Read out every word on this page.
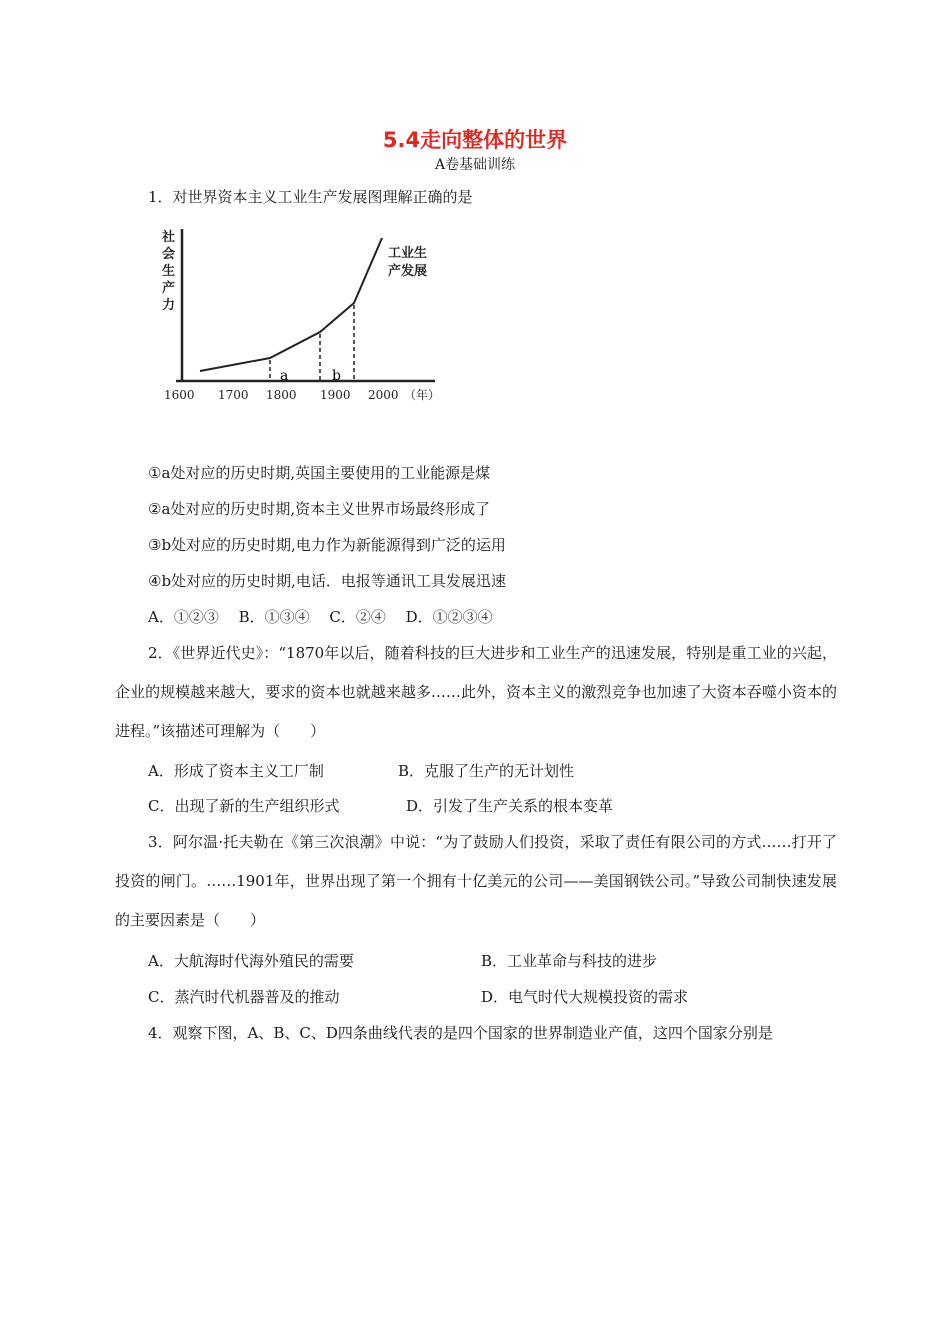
5.4走向整体的世界
A卷基础训练
1．对世界资本主义工业生产发展图理解正确的是
社
会
生
产
力
a	b
工业生
产发展
1600 1700 1800 1900 2000 （年）
①a处对应的历史时期,英国主要使用的工业能源是煤
②a处对应的历史时期,资本主义世界市场最终形成了
③b处对应的历史时期,电力作为新能源得到广泛的运用
④b处对应的历史时期,电话．电报等通讯工具发展迅速
A．①②③　 B．①③④　 C．②④　 D．①②③④
2．《世界近代史》：“1870年以后，随着科技的巨大进步和工业生产的迅速发展，特别是重工业的兴起，企业的规模越来越大，要求的资本也就越来越多……此外，资本主义的激烈竞争也加速了大资本吞噬小资本的进程。”该描述可理解为（　　）
A．形成了资本主义工厂制	B．克服了生产的无计划性
C．出现了新的生产组织形式	D．引发了生产关系的根本变革
3．阿尔温·托夫勒在《第三次浪潮》中说：“为了鼓励人们投资，采取了责任有限公司的方式……打开了投资的闸门。……1901年，世界出现了第一个拥有十亿美元的公司——美国钢铁公司。”导致公司制快速发展的主要因素是（　　）
A．大航海时代海外殖民的需要	B．工业革命与科技的进步
C．蒸汽时代机器普及的推动	D．电气时代大规模投资的需求
4．观察下图，A、B、C、D四条曲线代表的是四个国家的世界制造业产值，这四个国家分别是
